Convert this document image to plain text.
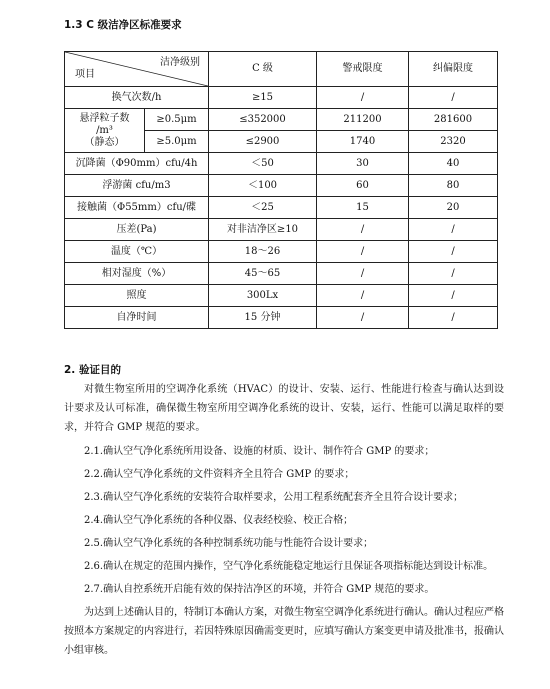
1.3 C 级洁净区标准要求
洁净级别
项目		C 级	警戒限度	纠偏限度
换气次数/h		≥15	/	/

悬浮粒子数
/m³
（静态）	≥0.5μm	≤352000	211200	281600
	≥5.0μm	≤2900	1740	2320
沉降菌（Φ90mm）cfu/4h		＜50	30	40
浮游菌 cfu/m3		＜100	60	80
接触菌（Φ55mm）cfu/碟		＜25	15	20
压差(Pa)		对非洁净区≥10	/	/
温度（℃）		18～26	/	/
相对湿度（%）		45～65	/	/
照度		300Lx	/	/
自净时间		15 分钟	/	/
2. 验证目的

对微生物室所用的空调净化系统（HVAC）的设计、安装、运行、性能进行检查与确认达到设计要求及认可标准，确保微生物室所用空调净化系统的设计、安装，运行、性能可以满足取样的要求，并符合 GMP 规范的要求。

2.1.确认空气净化系统所用设备、设施的材质、设计、制作符合 GMP 的要求；

2.2.确认空气净化系统的文件资料齐全且符合 GMP 的要求；

2.3.确认空气净化系统的安装符合取样要求，公用工程系统配套齐全且符合设计要求；

2.4.确认空气净化系统的各种仪器、仪表经校验、校正合格；

2.5.确认空气净化系统的各种控制系统功能与性能符合设计要求；

2.6.确认在规定的范围内操作，空气净化系统能稳定地运行且保证各项指标能达到设计标准。

2.7.确认自控系统开启能有效的保持洁净区的环境，并符合 GMP 规范的要求。

为达到上述确认目的，特制订本确认方案，对微生物室空调净化系统进行确认。确认过程应严格按照本方案规定的内容进行，若因特殊原因确需变更时，应填写确认方案变更申请及批准书，报确认小组审核。
